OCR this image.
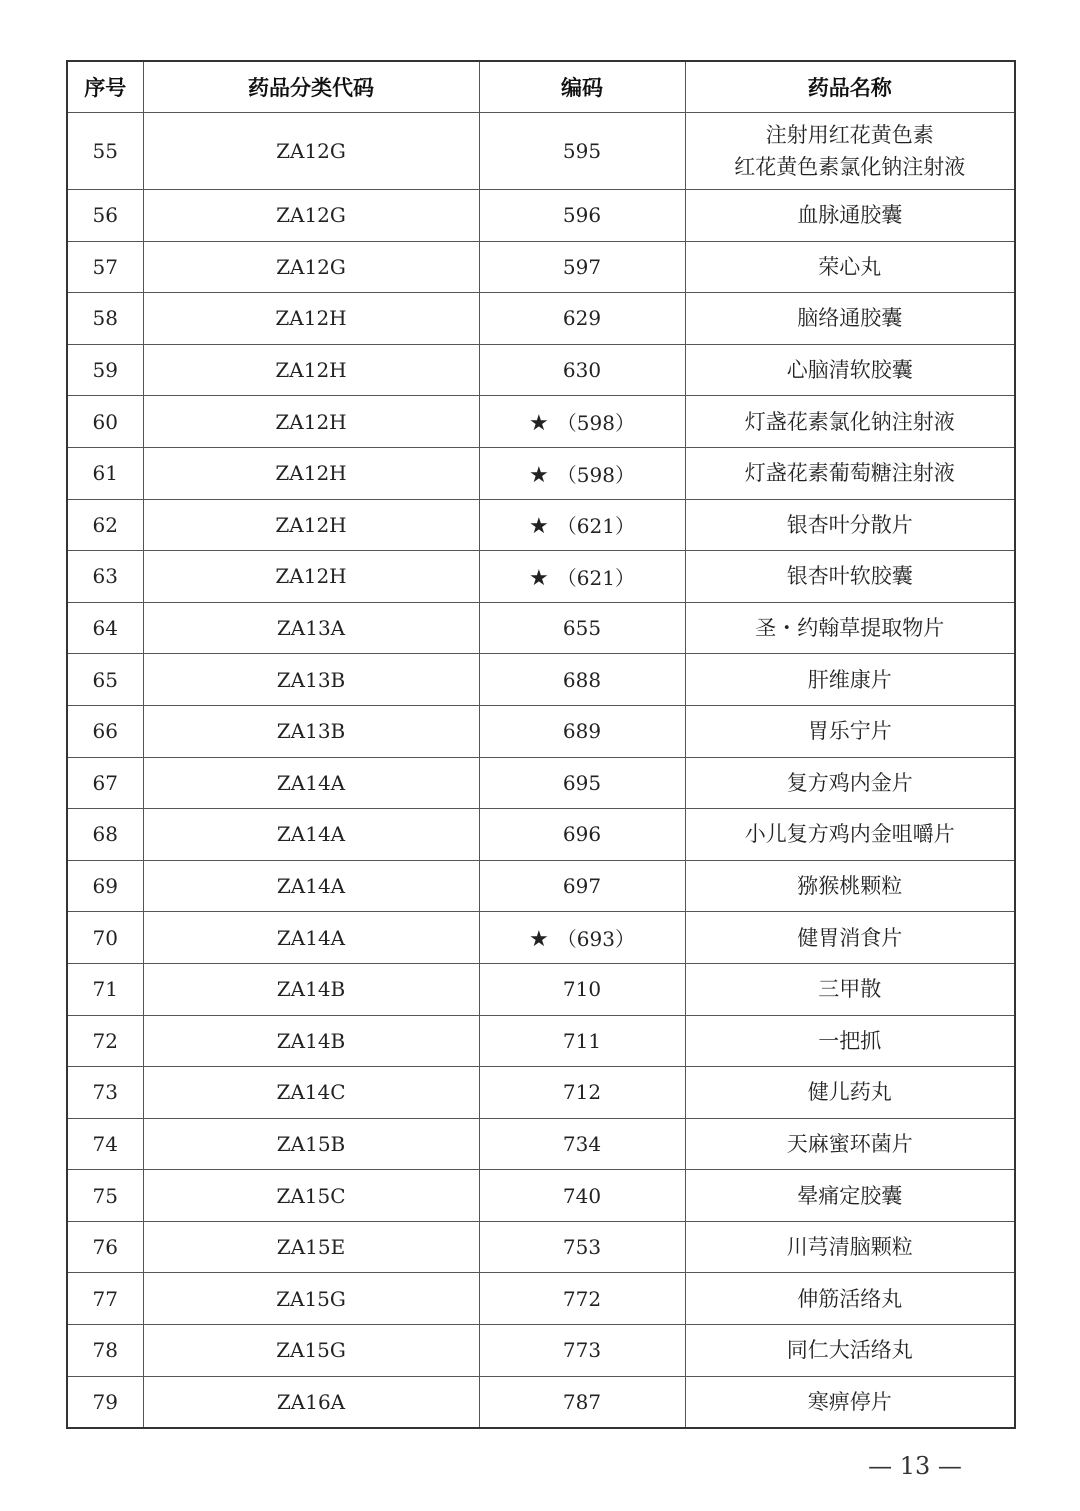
序号	药品分类代码	编码	药品名称
55	ZA12G	595	注射用红花黄色素
红花黄色素氯化钠注射液

56	ZA12G	596	血脉通胶囊

57	ZA12G	597	荣心丸

58	ZA12H	629	脑络通胶囊

59	ZA12H	630	心脑清软胶囊

60	ZA12H	★ （598）	灯盏花素氯化钠注射液

61	ZA12H	★ （598）	灯盏花素葡萄糖注射液

62	ZA12H	★ （621）	银杏叶分散片

63	ZA12H	★ （621）	银杏叶软胶囊

64	ZA13A	655	圣・约翰草提取物片

65	ZA13B	688	肝维康片

66	ZA13B	689	胃乐宁片

67	ZA14A	695	复方鸡内金片

68	ZA14A	696	小儿复方鸡内金咀嚼片

69	ZA14A	697	猕猴桃颗粒

70	ZA14A	★ （693）	健胃消食片

71	ZA14B	710	三甲散

72	ZA14B	711	一把抓

73	ZA14C	712	健儿药丸

74	ZA15B	734	天麻蜜环菌片

75	ZA15C	740	晕痛定胶囊

76	ZA15E	753	川芎清脑颗粒

77	ZA15G	772	伸筋活络丸

78	ZA15G	773	同仁大活络丸

79	ZA16A	787	寒痹停片
— 13 —
